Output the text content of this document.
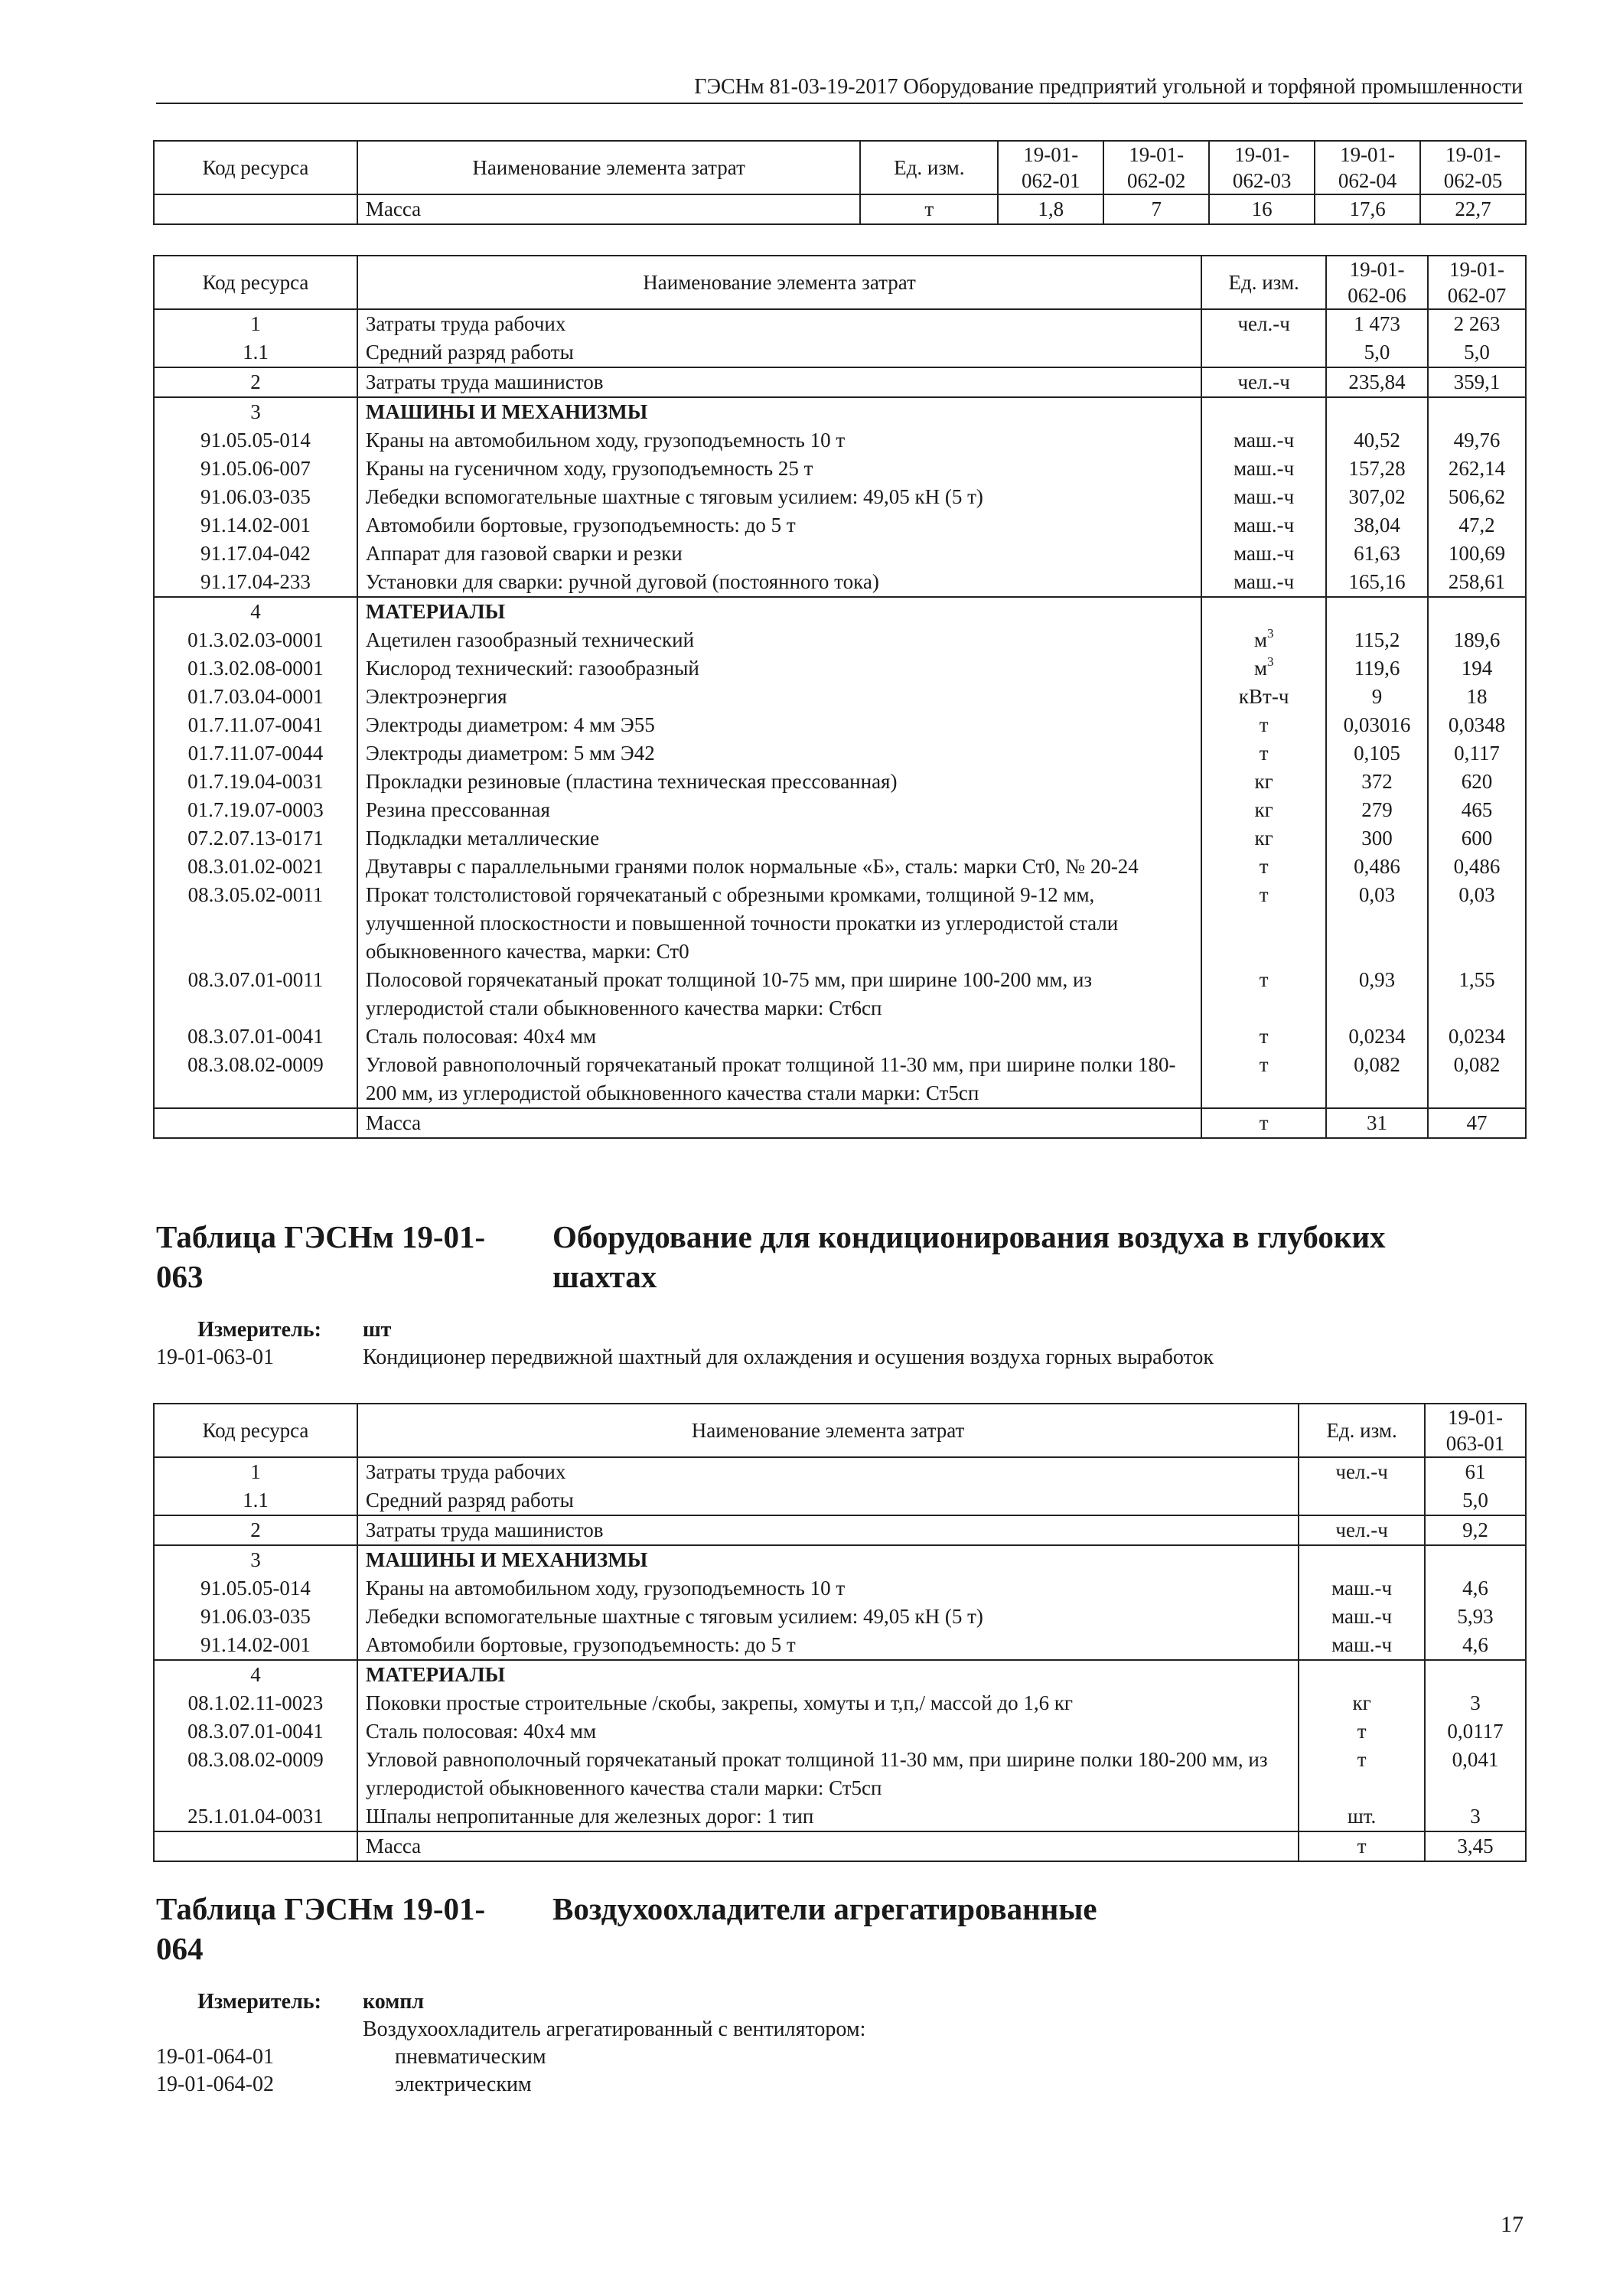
ГЭСНм 81-03-19-2017 Оборудование предприятий угольной и торфяной промышленности
Код ресурса	Наименование элемента затрат	Ед. изм.	19-01-062-01	19-01-062-02	19-01-062-03	19-01-062-04	19-01-062-05
	Масса	т	1,8	7	16	17,6	22,7
Код ресурса	Наименование элемента затрат	Ед. изм.	19-01-062-06	19-01-062-07
1	Затраты труда рабочих	чел.-ч	1 473	2 263
1.1	Средний разряд работы		5,0	5,0
2	Затраты труда машинистов	чел.-ч	235,84	359,1
3	МАШИНЫ И МЕХАНИЗМЫ			
91.05.05-014	Краны на автомобильном ходу, грузоподъемность 10 т	маш.-ч	40,52	49,76
91.05.06-007	Краны на гусеничном ходу, грузоподъемность 25 т	маш.-ч	157,28	262,14
91.06.03-035	Лебедки вспомогательные шахтные с тяговым усилием: 49,05 кН (5 т)	маш.-ч	307,02	506,62
91.14.02-001	Автомобили бортовые, грузоподъемность: до 5 т	маш.-ч	38,04	47,2
91.17.04-042	Аппарат для газовой сварки и резки	маш.-ч	61,63	100,69
91.17.04-233	Установки для сварки: ручной дуговой (постоянного тока)	маш.-ч	165,16	258,61
4	МАТЕРИАЛЫ			
01.3.02.03-0001	Ацетилен газообразный технический	$м^3$	115,2	189,6
01.3.02.08-0001	Кислород технический: газообразный	$м^3$	119,6	194
01.7.03.04-0001	Электроэнергия	кВт-ч	9	18
01.7.11.07-0041	Электроды диаметром: 4 мм Э55	т	0,03016	0,0348
01.7.11.07-0044	Электроды диаметром: 5 мм Э42	т	0,105	0,117
01.7.19.04-0031	Прокладки резиновые (пластина техническая прессованная)	кг	372	620
01.7.19.07-0003	Резина прессованная	кг	279	465
07.2.07.13-0171	Подкладки металлические	кг	300	600
08.3.01.02-0021	Двутавры с параллельными гранями полок нормальные «Б», сталь: марки Ст0, № 20-24	т	0,486	0,486
08.3.05.02-0011	Прокат толстолистовой горячекатаный с обрезными кромками, толщиной 9-12 мм, улучшенной плоскостности и повышенной точности прокатки из углеродистой стали обыкновенного качества, марки: Ст0	т	0,03	0,03
08.3.07.01-0011	Полосовой горячекатаный прокат толщиной 10-75 мм, при ширине 100-200 мм, из углеродистой стали обыкновенного качества марки: Ст6сп	т	0,93	1,55
08.3.07.01-0041	Сталь полосовая: 40х4 мм	т	0,0234	0,0234
08.3.08.02-0009	Угловой равнополочный горячекатаный прокат толщиной 11-30 мм, при ширине полки 180-200 мм, из углеродистой обыкновенного качества стали марки: Ст5сп	т	0,082	0,082
	Масса	т	31	47
Таблица ГЭСНм 19-01-063
Оборудование для кондиционирования воздуха в глубоких шахтах
Измеритель: шт
19-01-063-01	Кондиционер передвижной шахтный для охлаждения и осушения воздуха горных выработок
Код ресурса	Наименование элемента затрат	Ед. изм.	19-01-063-01
1	Затраты труда рабочих	чел.-ч	61
1.1	Средний разряд работы		5,0
2	Затраты труда машинистов	чел.-ч	9,2
3	МАШИНЫ И МЕХАНИЗМЫ		
91.05.05-014	Краны на автомобильном ходу, грузоподъемность 10 т	маш.-ч	4,6
91.06.03-035	Лебедки вспомогательные шахтные с тяговым усилием: 49,05 кН (5 т)	маш.-ч	5,93
91.14.02-001	Автомобили бортовые, грузоподъемность: до 5 т	маш.-ч	4,6
4	МАТЕРИАЛЫ		
08.1.02.11-0023	Поковки простые строительные /скобы, закрепы, хомуты и т,п,/ массой до 1,6 кг	кг	3
08.3.07.01-0041	Сталь полосовая: 40х4 мм	т	0,0117
08.3.08.02-0009	Угловой равнополочный горячекатаный прокат толщиной 11-30 мм, при ширине полки 180-200 мм, из углеродистой обыкновенного качества стали марки: Ст5сп	т	0,041
25.1.01.04-0031	Шпалы непропитанные для железных дорог: 1 тип	шт.	3
	Масса	т	3,45
Таблица ГЭСНм 19-01-064
Воздухоохладители агрегатированные
Измеритель: компл
Воздухоохладитель агрегатированный с вентилятором:
19-01-064-01	пневматическим
19-01-064-02	электрическим
17
